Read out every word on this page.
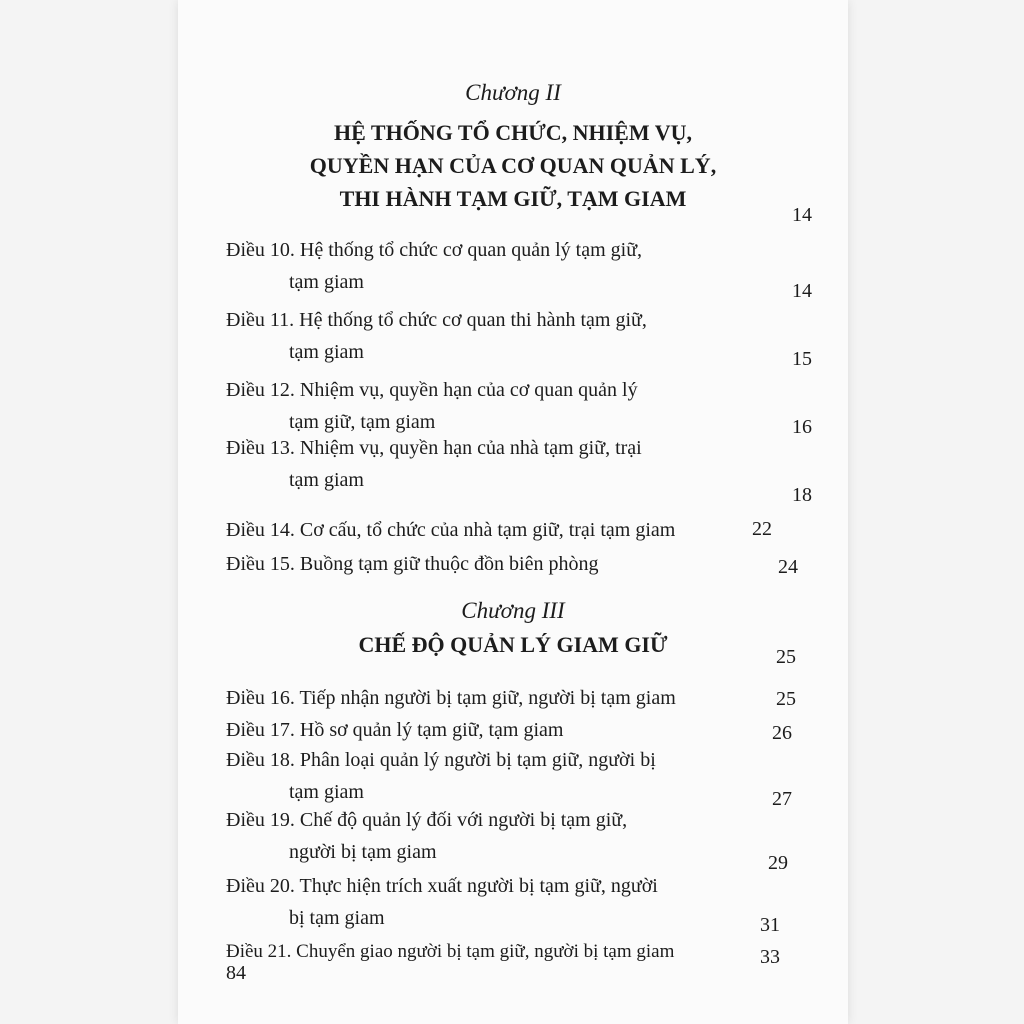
Chương II
HỆ THỐNG TỔ CHỨC, NHIỆM VỤ,
QUYỀN HẠN CỦA CƠ QUAN QUẢN LÝ,
THI HÀNH TẠM GIỮ, TẠM GIAM
14
Điều 10. Hệ thống tổ chức cơ quan quản lý tạm giữ,
tạm giam	14
Điều 11. Hệ thống tổ chức cơ quan thi hành tạm giữ,
tạm giam	15
Điều 12. Nhiệm vụ, quyền hạn của cơ quan quản lý
tạm giữ, tạm giam	16
Điều 13. Nhiệm vụ, quyền hạn của nhà tạm giữ, trại
tạm giam
18
Điều 14. Cơ cấu, tổ chức của nhà tạm giữ, trại tạm giam	22
Điều 15. Buồng tạm giữ thuộc đồn biên phòng	24
Chương III
CHẾ ĐỘ QUẢN LÝ GIAM GIỮ	25
Điều 16. Tiếp nhận người bị tạm giữ, người bị tạm giam	25
Điều 17. Hồ sơ quản lý tạm giữ, tạm giam	26
Điều 18. Phân loại quản lý người bị tạm giữ, người bị
tạm giam	27
Điều 19. Chế độ quản lý đối với người bị tạm giữ,
người bị tạm giam	29
Điều 20. Thực hiện trích xuất người bị tạm giữ, người
bị tạm giam	31
Điều 21. Chuyển giao người bị tạm giữ, người bị tạm giam	33
84
